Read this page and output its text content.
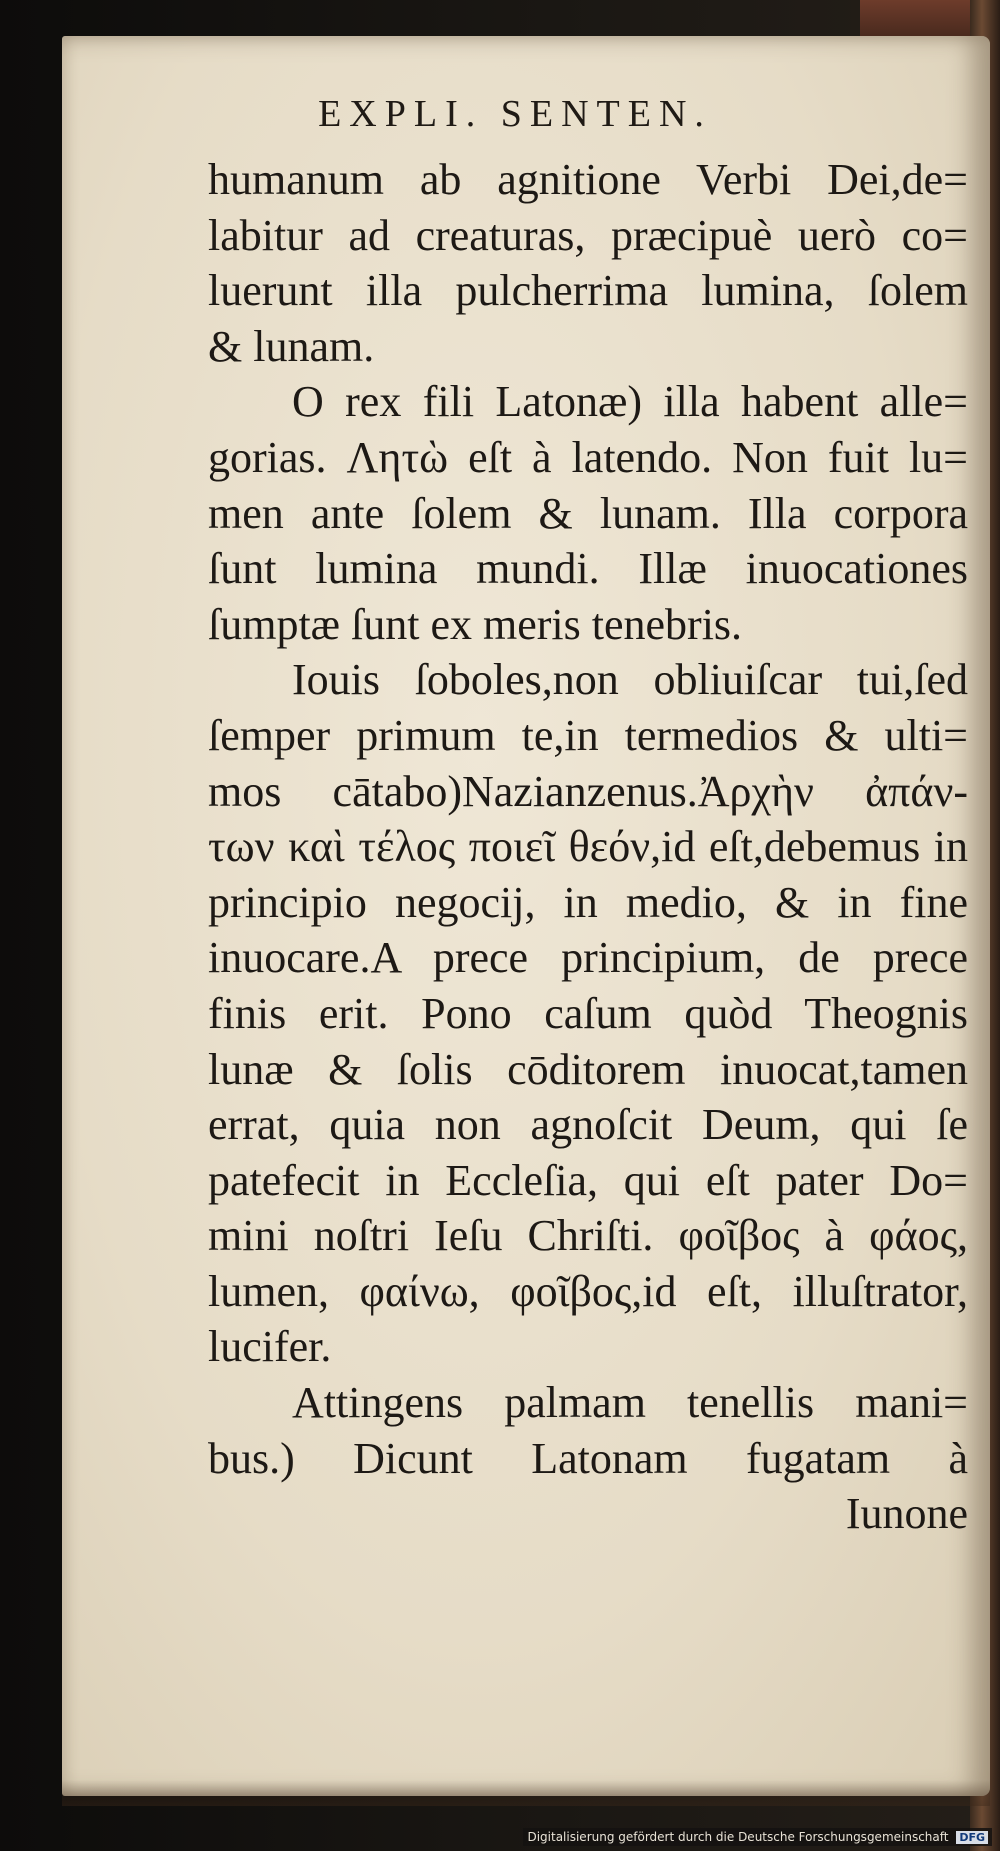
EXPLI. SENTEN.
humanum ab agnitione Verbi Dei,de=
labitur ad creaturas, præcipuè uerò co=
luerunt illa pulcherrima lumina, ſolem
& lunam.
O rex fili Latonæ) illa habent alle=
gorias. Λητὼ eſt à latendo. Non fuit lu=
men ante ſolem & lunam. Illa corpora
ſunt lumina mundi. Illæ inuocationes
ſumptæ ſunt ex meris tenebris.
Iouis ſoboles,non obliuiſcar tui,ſed
ſemper primum te,in termedios & ulti=
mos cātabo)Nazianzenus.Ἀρχὴν ἀπάν-
των καὶ τέλος ποιεῖ θεόν,id eſt,debemus in
principio negocij, in medio, & in fine
inuocare.A prece principium, de prece
finis erit. Pono caſum quòd Theognis
lunæ & ſolis cōditorem inuocat,tamen
errat, quia non agnoſcit Deum, qui ſe
patefecit in Eccleſia, qui eſt pater Do=
mini noſtri Ieſu Chriſti. φοῖβος à φάος,
lumen, φαίνω, φοῖβος,id eſt, illuſtrator,
lucifer.
Attingens palmam tenellis mani=
bus.) Dicunt Latonam fugatam à
Iunone
Digitalisierung gefördert durch die Deutsche Forschungsgemeinschaft DFG
